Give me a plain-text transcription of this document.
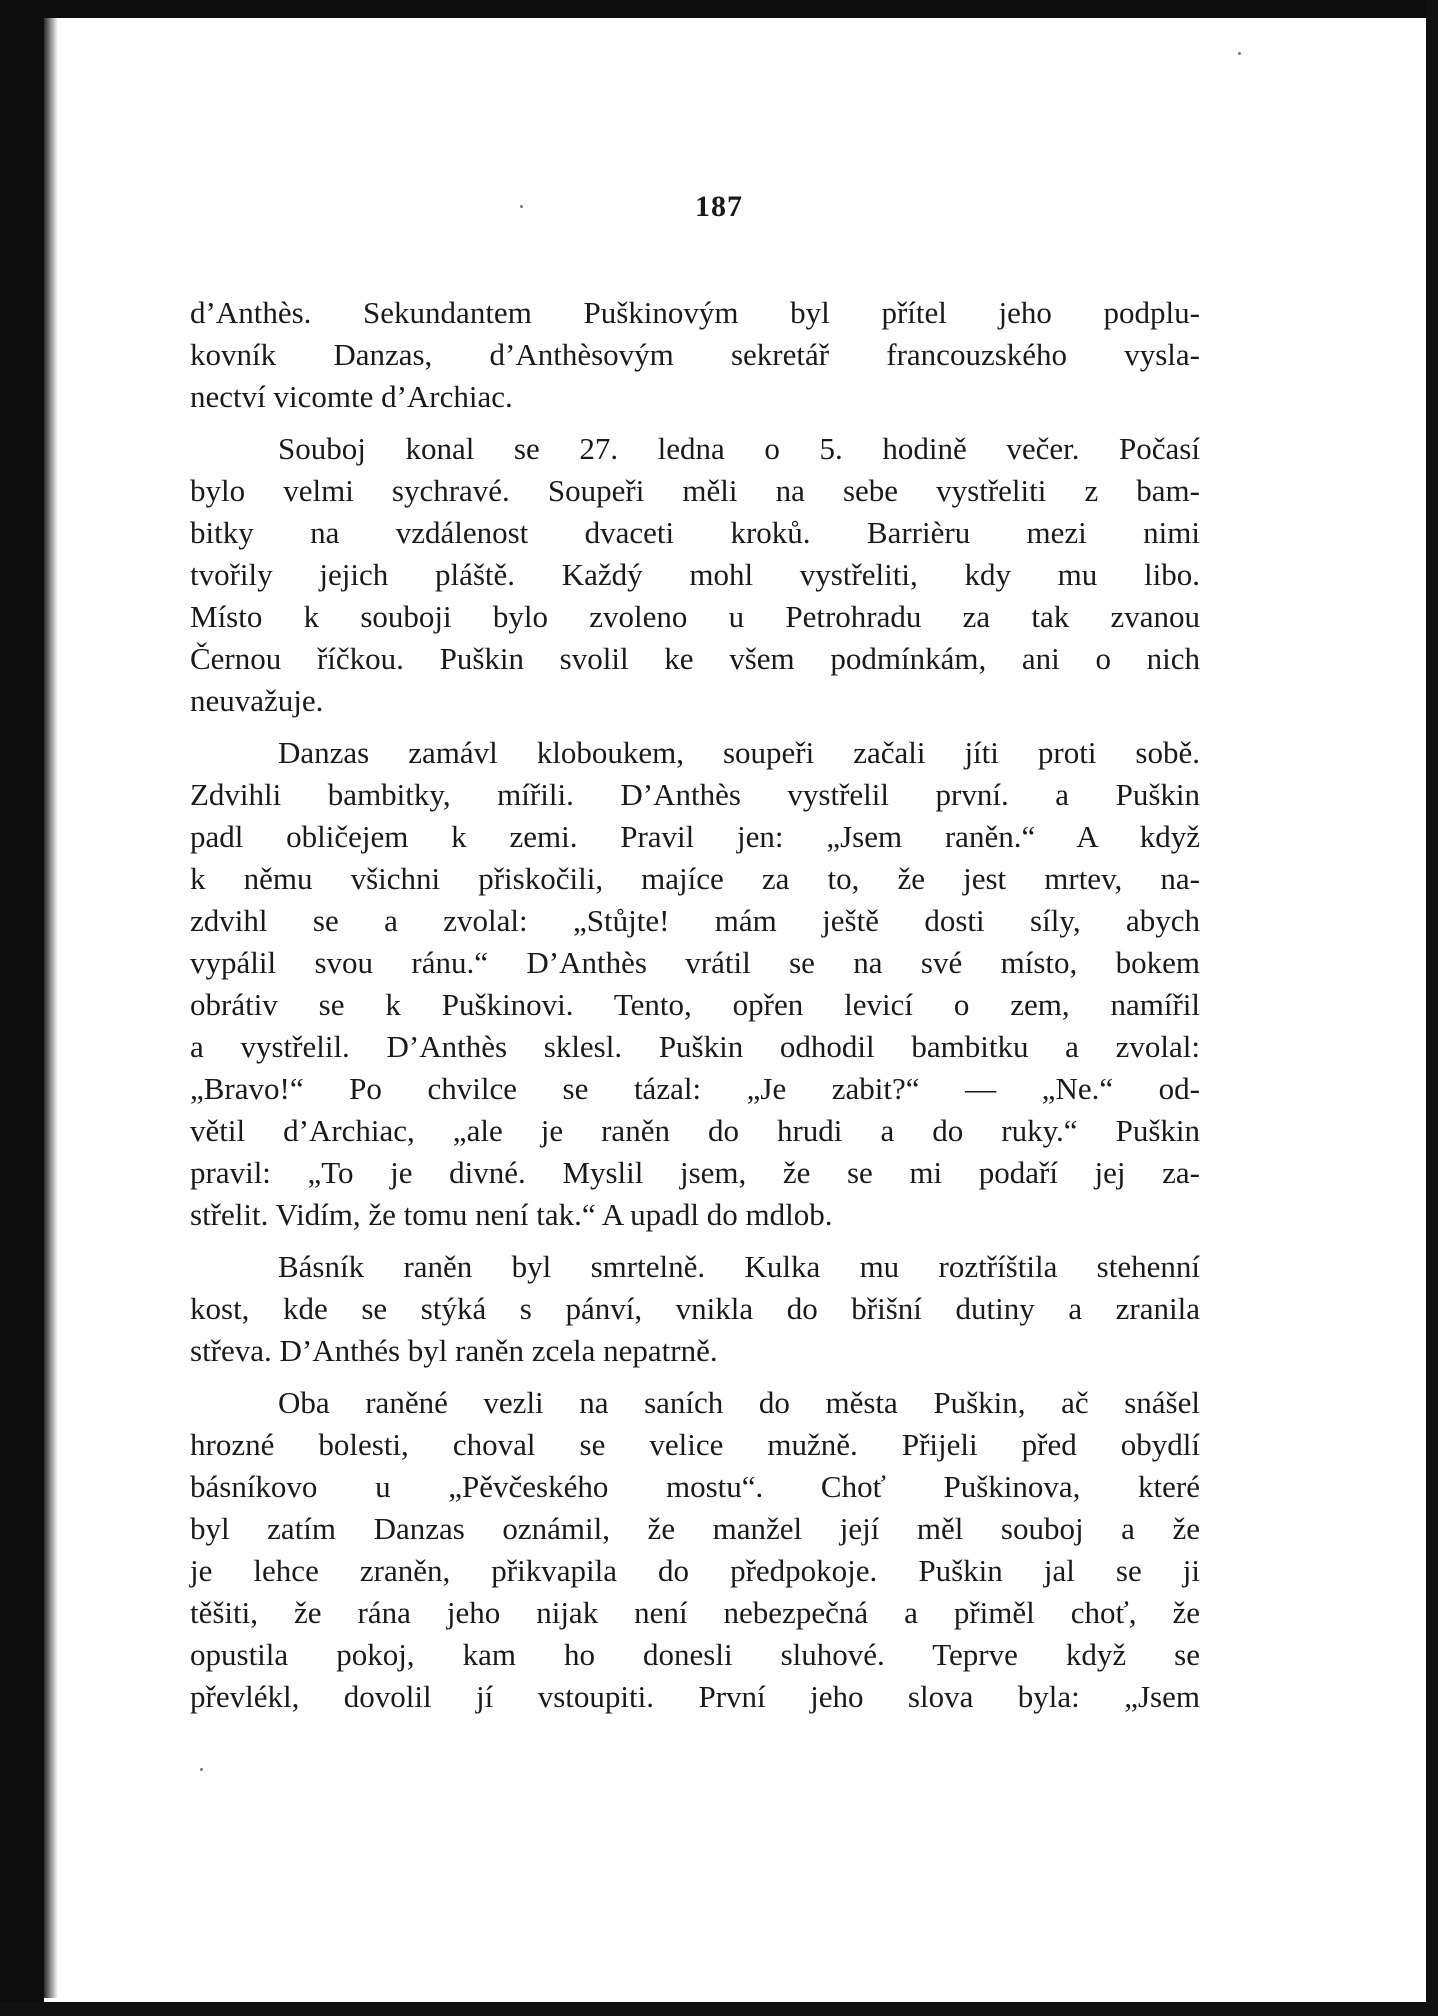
187
d’Anthès. Sekundantem Puškinovým byl přítel jeho podplu-
kovník Danzas, d’Anthèsovým sekretář francouzského vysla-
nectví vicomte d’Archiac.
Souboj konal se 27. ledna o 5. hodině večer. Počasí
bylo velmi sychravé. Soupeři měli na sebe vystřeliti z bam-
bitky na vzdálenost dvaceti kroků. Barrièru mezi nimi
tvořily jejich pláště. Každý mohl vystřeliti, kdy mu libo.
Místo k souboji bylo zvoleno u Petrohradu za tak zvanou
Černou říčkou. Puškin svolil ke všem podmínkám, ani o nich
neuvažuje.
Danzas zamávl kloboukem, soupeři začali jíti proti sobě.
Zdvihli bambitky, mířili. D’Anthès vystřelil první. a Puškin
padl obličejem k zemi. Pravil jen: „Jsem raněn.“ A když
k němu všichni přiskočili, majíce za to, že jest mrtev, na-
zdvihl se a zvolal: „Stůjte! mám ještě dosti síly, abych
vypálil svou ránu.“ D’Anthès vrátil se na své místo, bokem
obrátiv se k Puškinovi. Tento, opřen levicí o zem, namířil
a vystřelil. D’Anthès sklesl. Puškin odhodil bambitku a zvolal:
„Bravo!“ Po chvilce se tázal: „Je zabit?“ — „Ne.“ od-
větil d’Archiac, „ale je raněn do hrudi a do ruky.“ Puškin
pravil: „To je divné. Myslil jsem, že se mi podaří jej za-
střelit. Vidím, že tomu není tak.“ A upadl do mdlob.
Básník raněn byl smrtelně. Kulka mu roztříštila stehenní
kost, kde se stýká s pánví, vnikla do břišní dutiny a zranila
střeva. D’Anthés byl raněn zcela nepatrně.
Oba raněné vezli na saních do města Puškin, ač snášel
hrozné bolesti, choval se velice mužně. Přijeli před obydlí
básníkovo u „Pěvčeského mostu“. Choť Puškinova, které
byl zatím Danzas oznámil, že manžel její měl souboj a že
je lehce zraněn, přikvapila do předpokoje. Puškin jal se ji
těšiti, že rána jeho nijak není nebezpečná a přiměl choť, že
opustila pokoj, kam ho donesli sluhové. Teprve když se
převlékl, dovolil jí vstoupiti. První jeho slova byla: „Jsem
